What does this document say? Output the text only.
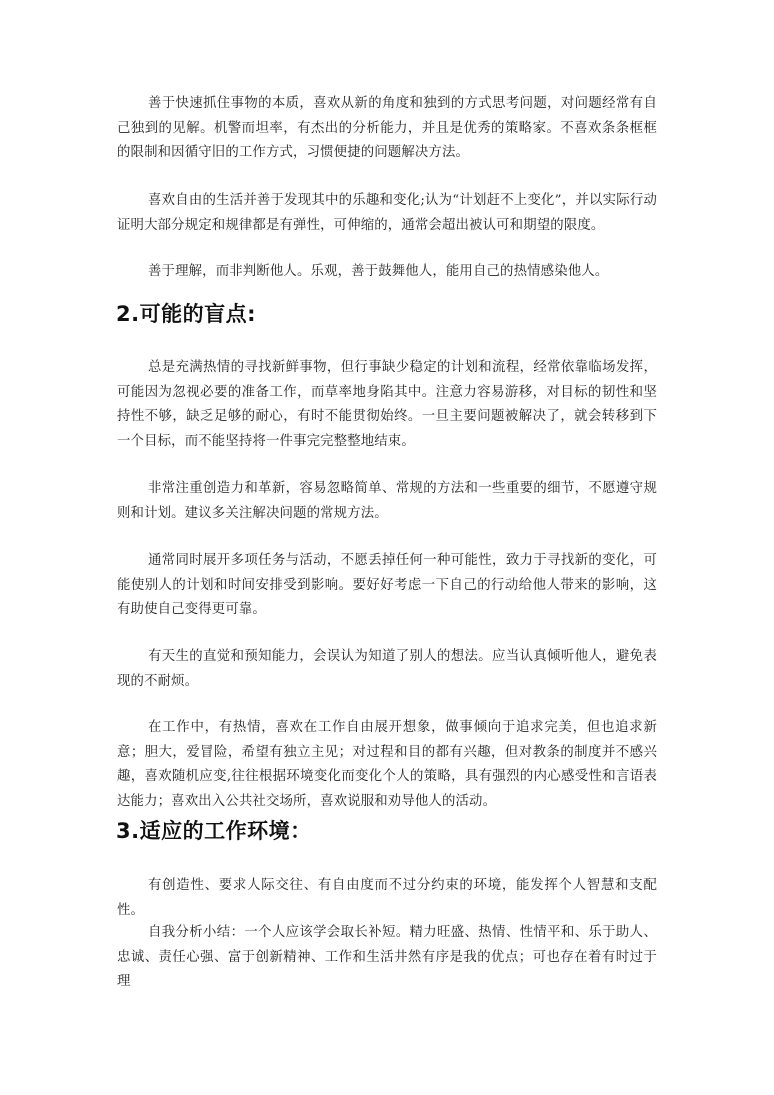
善于快速抓住事物的本质，喜欢从新的角度和独到的方式思考问题，对问题经常有自己独到的见解。机警而坦率，有杰出的分析能力，并且是优秀的策略家。不喜欢条条框框的限制和因循守旧的工作方式，习惯便捷的问题解决方法。

喜欢自由的生活并善于发现其中的乐趣和变化;认为“计划赶不上变化”，并以实际行动证明大部分规定和规律都是有弹性，可伸缩的，通常会超出被认可和期望的限度。

善于理解，而非判断他人。乐观，善于鼓舞他人，能用自己的热情感染他人。

2.可能的盲点:

总是充满热情的寻找新鲜事物，但行事缺少稳定的计划和流程，经常依靠临场发挥，可能因为忽视必要的准备工作，而草率地身陷其中。注意力容易游移，对目标的韧性和坚持性不够，缺乏足够的耐心，有时不能贯彻始终。一旦主要问题被解决了，就会转移到下一个目标，而不能坚持将一件事完完整整地结束。

非常注重创造力和革新，容易忽略简单、常规的方法和一些重要的细节，不愿遵守规则和计划。建议多关注解决问题的常规方法。

通常同时展开多项任务与活动，不愿丢掉任何一种可能性，致力于寻找新的变化，可能使别人的计划和时间安排受到影响。要好好考虑一下自己的行动给他人带来的影响，这有助使自己变得更可靠。

有天生的直觉和预知能力，会误认为知道了别人的想法。应当认真倾听他人，避免表现的不耐烦。

在工作中，有热情，喜欢在工作自由展开想象，做事倾向于追求完美，但也追求新意；胆大，爱冒险，希望有独立主见；对过程和目的都有兴趣，但对教条的制度并不感兴趣，喜欢随机应变,往往根据环境变化而变化个人的策略，具有强烈的内心感受性和言语表达能力；喜欢出入公共社交场所，喜欢说服和劝导他人的活动。

3.适应的工作环境：

有创造性、要求人际交往、有自由度而不过分约束的环境，能发挥个人智慧和支配性。

自我分析小结：一个人应该学会取长补短。精力旺盛、热情、性情平和、乐于助人、忠诚、责任心强、富于创新精神、工作和生活井然有序是我的优点；可也存在着有时过于理
